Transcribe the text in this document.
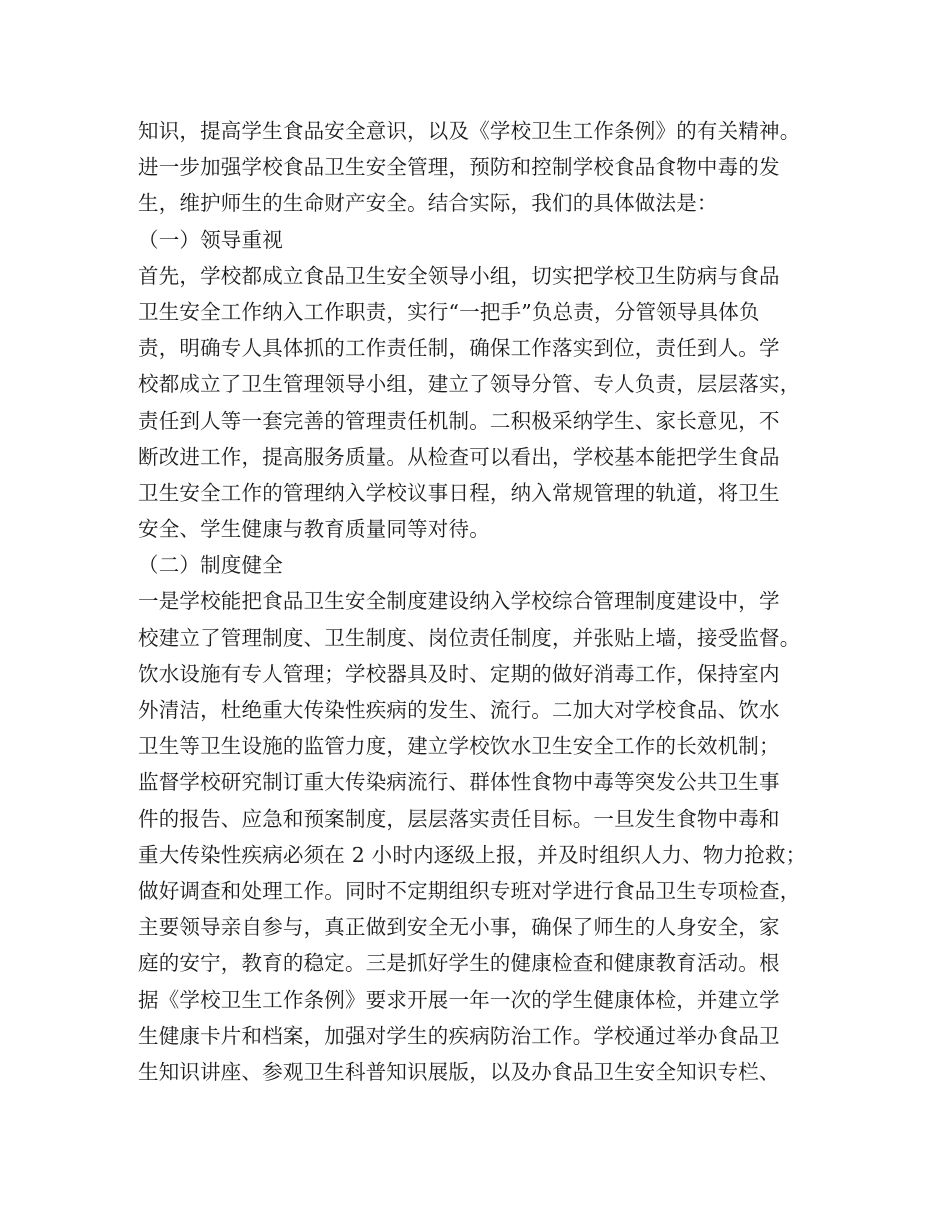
知识，提高学生食品安全意识，以及《学校卫生工作条例》的有关精神。
进一步加强学校食品卫生安全管理，预防和控制学校食品食物中毒的发
生，维护师生的生命财产安全。结合实际，我们的具体做法是：
（一）领导重视
首先，学校都成立食品卫生安全领导小组，切实把学校卫生防病与食品
卫生安全工作纳入工作职责，实行“一把手”负总责，分管领导具体负
责，明确专人具体抓的工作责任制，确保工作落实到位，责任到人。学
校都成立了卫生管理领导小组，建立了领导分管、专人负责，层层落实，
责任到人等一套完善的管理责任机制。二积极采纳学生、家长意见，不
断改进工作，提高服务质量。从检查可以看出，学校基本能把学生食品
卫生安全工作的管理纳入学校议事日程，纳入常规管理的轨道，将卫生
安全、学生健康与教育质量同等对待。
（二）制度健全
一是学校能把食品卫生安全制度建设纳入学校综合管理制度建设中，学
校建立了管理制度、卫生制度、岗位责任制度，并张贴上墙，接受监督。
饮水设施有专人管理；学校器具及时、定期的做好消毒工作，保持室内
外清洁，杜绝重大传染性疾病的发生、流行。二加大对学校食品、饮水
卫生等卫生设施的监管力度，建立学校饮水卫生安全工作的长效机制；
监督学校研究制订重大传染病流行、群体性食物中毒等突发公共卫生事
件的报告、应急和预案制度，层层落实责任目标。一旦发生食物中毒和
重大传染性疾病必须在 2 小时内逐级上报，并及时组织人力、物力抢救；
做好调查和处理工作。同时不定期组织专班对学进行食品卫生专项检查，
主要领导亲自参与，真正做到安全无小事，确保了师生的人身安全，家
庭的安宁，教育的稳定。三是抓好学生的健康检查和健康教育活动。根
据《学校卫生工作条例》要求开展一年一次的学生健康体检，并建立学
生健康卡片和档案，加强对学生的疾病防治工作。学校通过举办食品卫
生知识讲座、参观卫生科普知识展版，以及办食品卫生安全知识专栏、
